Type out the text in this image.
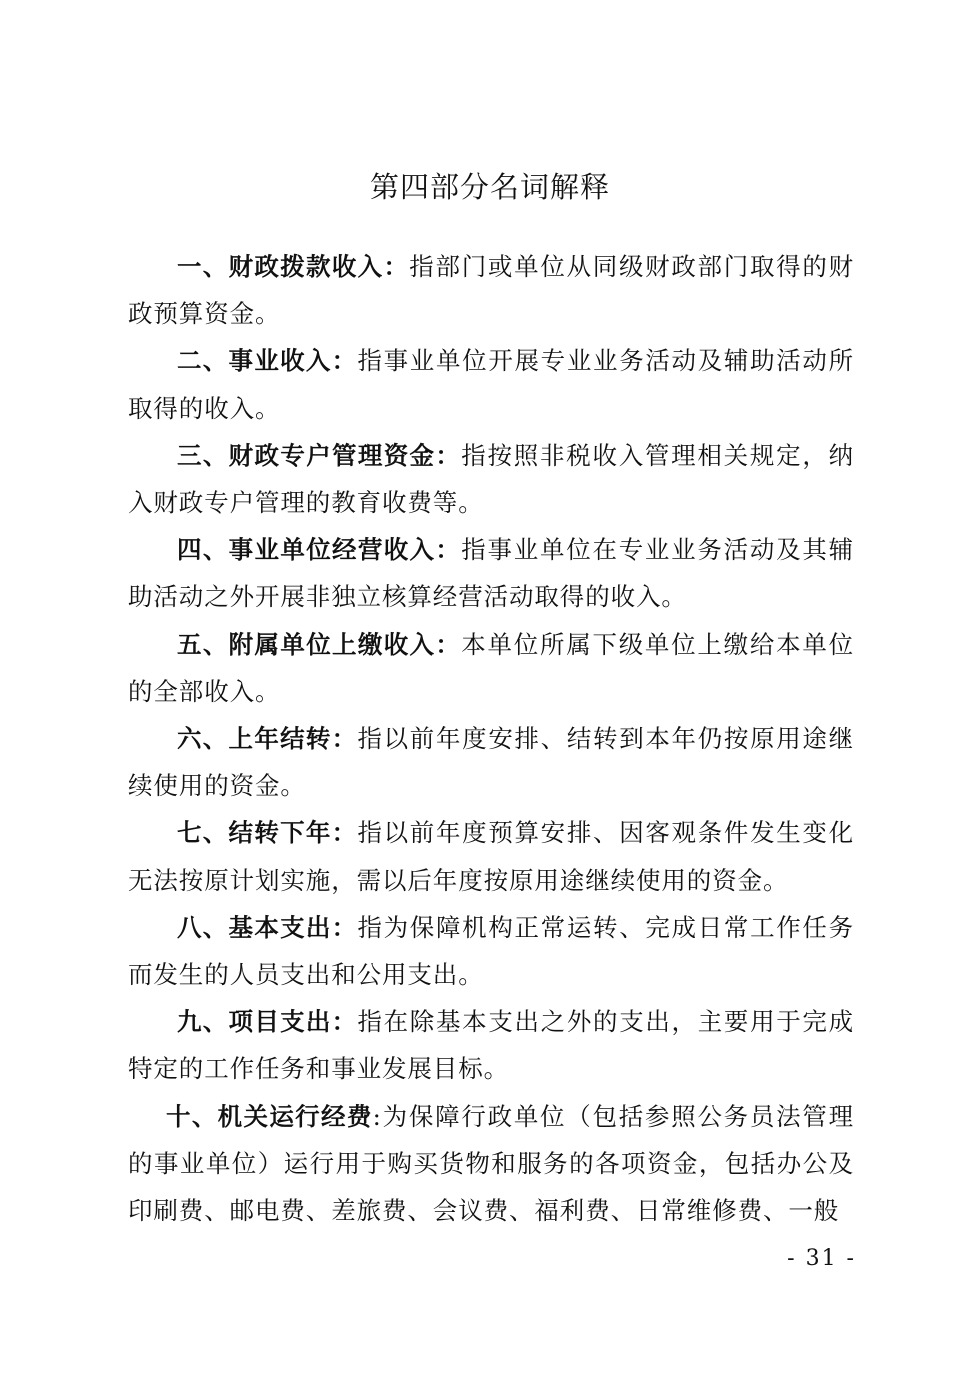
第四部分名词解释

一、财政拨款收入：指部门或单位从同级财政部门取得的财政预算资金。

二、事业收入：指事业单位开展专业业务活动及辅助活动所取得的收入。

三、财政专户管理资金：指按照非税收入管理相关规定，纳入财政专户管理的教育收费等。

四、事业单位经营收入：指事业单位在专业业务活动及其辅助活动之外开展非独立核算经营活动取得的收入。

五、附属单位上缴收入：本单位所属下级单位上缴给本单位的全部收入。

六、上年结转：指以前年度安排、结转到本年仍按原用途继续使用的资金。

七、结转下年：指以前年度预算安排、因客观条件发生变化无法按原计划实施，需以后年度按原用途继续使用的资金。

八、基本支出：指为保障机构正常运转、完成日常工作任务而发生的人员支出和公用支出。

九、项目支出：指在除基本支出之外的支出，主要用于完成特定的工作任务和事业发展目标。

十、机关运行经费:为保障行政单位（包括参照公务员法管理的事业单位）运行用于购买货物和服务的各项资金，包括办公及印刷费、邮电费、差旅费、会议费、福利费、日常维修费、一般

- 31 -
